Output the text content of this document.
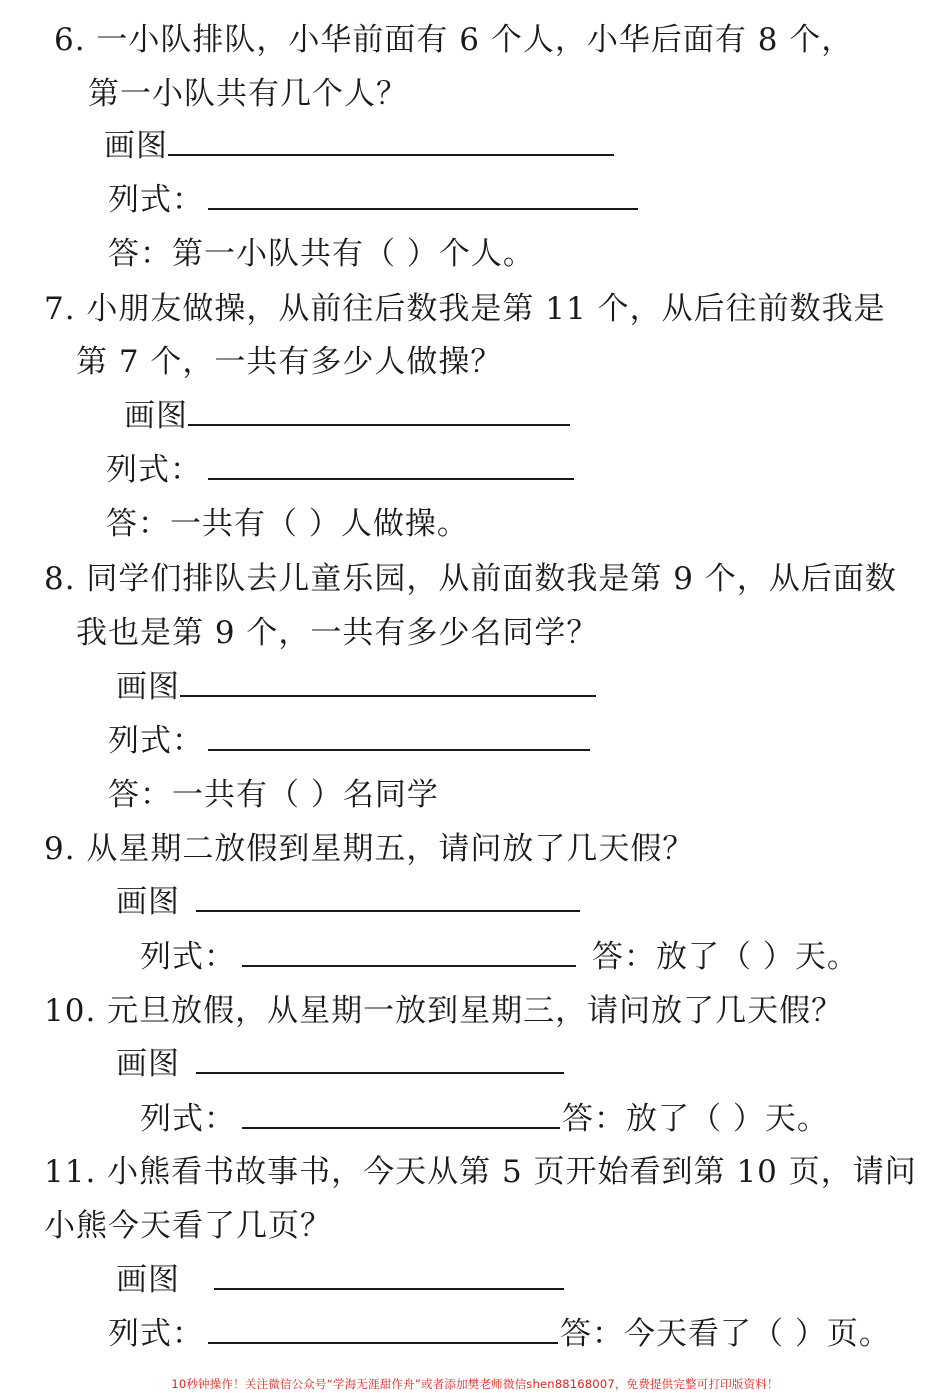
6. 一小队排队，小华前面有 6 个人，小华后面有 8 个，
第一小队共有几个人？
画图
列式：
答：第一小队共有（ ）个人。
7. 小朋友做操，从前往后数我是第 11 个，从后往前数我是
第 7 个，一共有多少人做操？
画图
列式：
答：一共有（ ）人做操。
8. 同学们排队去儿童乐园，从前面数我是第 9 个，从后面数
我也是第 9 个，一共有多少名同学？
画图
列式：
答：一共有（ ）名同学
9. 从星期二放假到星期五，请问放了几天假？
画图
列式：	答：放了（ ）天。
10. 元旦放假，从星期一放到星期三，请问放了几天假？
画图
列式：	答：放了（ ）天。
11. 小熊看书故事书，今天从第 5 页开始看到第 10 页，请问
小熊今天看了几页？
画图
列式：	答：今天看了（ ）页。
10秒钟操作！关注微信公众号“学海无涯甜作舟”或者添加樊老师微信shen88168007，免费提供完整可打印版资料！
